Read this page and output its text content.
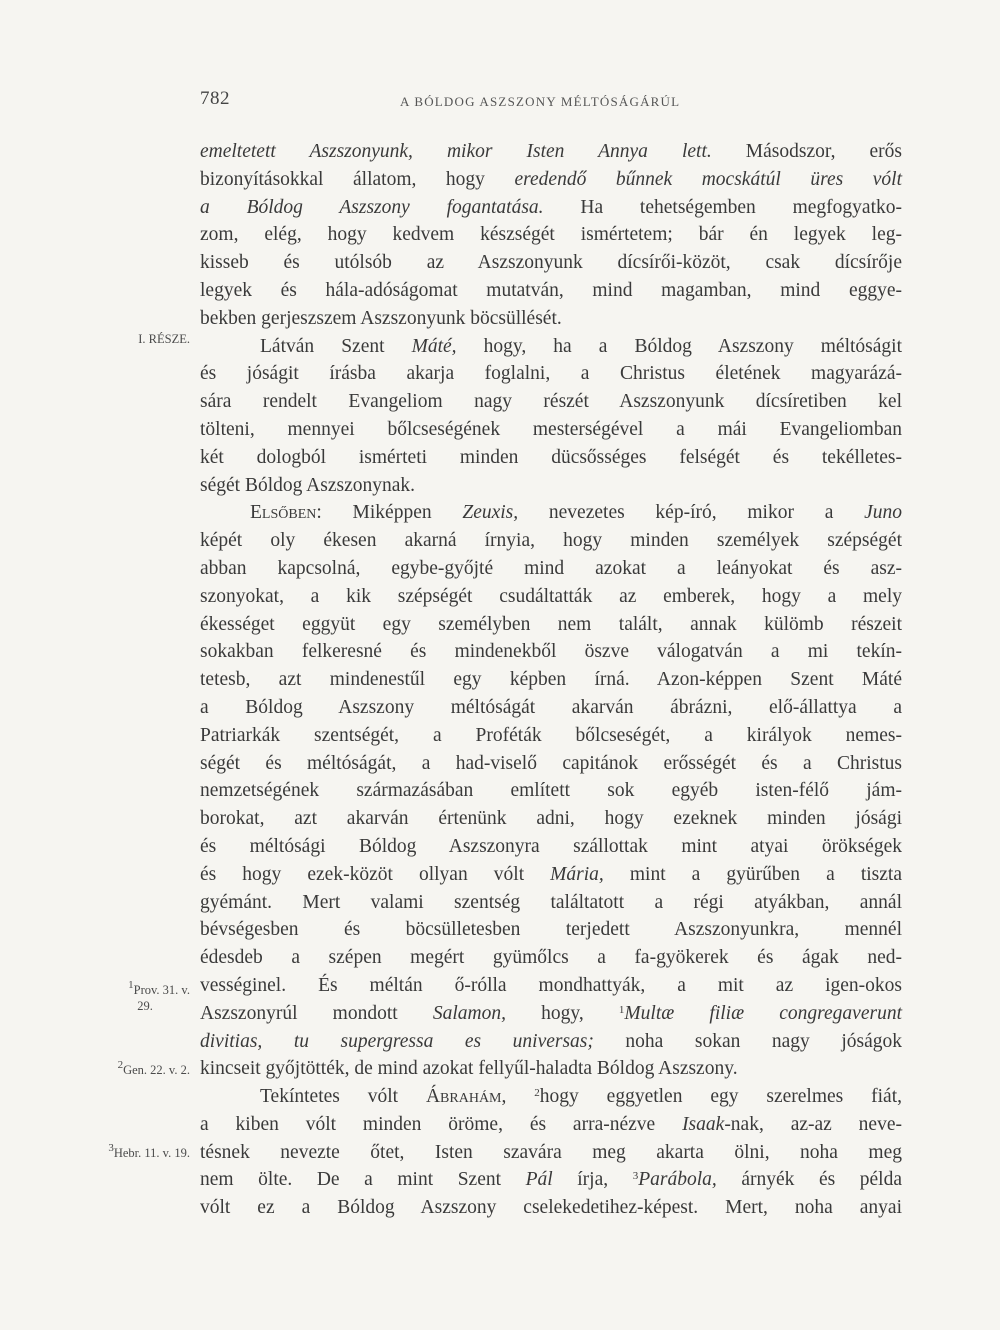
782	A BÓLDOG ASZSZONY MÉLTÓSÁGÁRÚL
I. RÉSZE.
$^1$Prov. 31. v.
29.
$^2$Gen. 22. v. 2.
$^3$Hebr. 11. v. 19.
emeltetett Aszszonyunk, mikor Isten Annya lett. Másodszor, erős
bizonyításokkal állatom, hogy eredendő bűnnek mocskátúl üres vólt
a Bóldog Aszszony fogantatása. Ha tehetségemben megfogyatko-
zom, elég, hogy kedvem készségét ismértetem; bár én legyek leg-
kisseb és utólsób az Aszszonyunk dícsírői-közöt, csak dícsírője
legyek és hála-adóságomat mutatván, mind magamban, mind eggye-
bekben gerjeszszem Aszszonyunk böcsüllését.
Látván Szent Máté, hogy, ha a Bóldog Aszszony méltóságit
és jóságit írásba akarja foglalni, a Christus életének magyarázá-
sára rendelt Evangeliom nagy részét Aszszonyunk dícsíretiben kel
tölteni, mennyei bőlcseségének mesterségével a mái Evangeliomban
két dologból ismérteti minden dücsősséges felségét és tekélletes-
ségét Bóldog Aszszonynak.
Elsőben: Miképpen Zeuxis, nevezetes kép-író, mikor a Juno
képét oly ékesen akarná írnyia, hogy minden személyek szépségét
abban kapcsolná, egybe-győjté mind azokat a leányokat és asz-
szonyokat, a kik szépségét csudáltatták az emberek, hogy a mely
ékességet eggyüt egy személyben nem talált, annak külömb részeit
sokakban felkeresné és mindenekből öszve válogatván a mi tekín-
tetesb, azt mindenestűl egy képben írná. Azon-képpen Szent Máté
a Bóldog Aszszony méltóságát akarván ábrázni, elő-állattya a
Patriarkák szentségét, a Proféták bőlcseségét, a királyok nemes-
ségét és méltóságát, a had-viselő capitánok erősségét és a Christus
nemzetségének származásában említett sok egyéb isten-félő jám-
borokat, azt akarván értenünk adni, hogy ezeknek minden jósági
és méltósági Bóldog Aszszonyra szállottak mint atyai örökségek
és hogy ezek-közöt ollyan vólt Mária, mint a gyürűben a tiszta
gyémánt. Mert valami szentség találtatott a régi atyákban, annál
bévségesben és böcsülletesben terjedett Aszszonyunkra, mennél
édesdeb a szépen megért gyümőlcs a fa-gyökerek és ágak ned-
vességinel. És méltán ő-rólla mondhattyák, a mit az igen-okos
Aszszonyrúl mondott Salamon, hogy, $^1$Multæ filiæ congregaverunt
divitias, tu supergressa es universas; noha sokan nagy jóságok
kincseit győjtötték, de mind azokat fellyűl-haladta Bóldog Aszszony.
Tekíntetes vólt Ábrahám,	$^2$hogy eggyetlen egy szerelmes fiát,
a kiben vólt minden öröme, és arra-nézve Isaak-nak, az-az neve-
tésnek nevezte őtet, Isten szavára meg akarta ölni, noha meg
nem ölte. De a mint Szent Pál írja, $^3$Parábola, árnyék és példa
vólt ez a Bóldog Aszszony cselekedetihez-képest. Mert, noha anyai
